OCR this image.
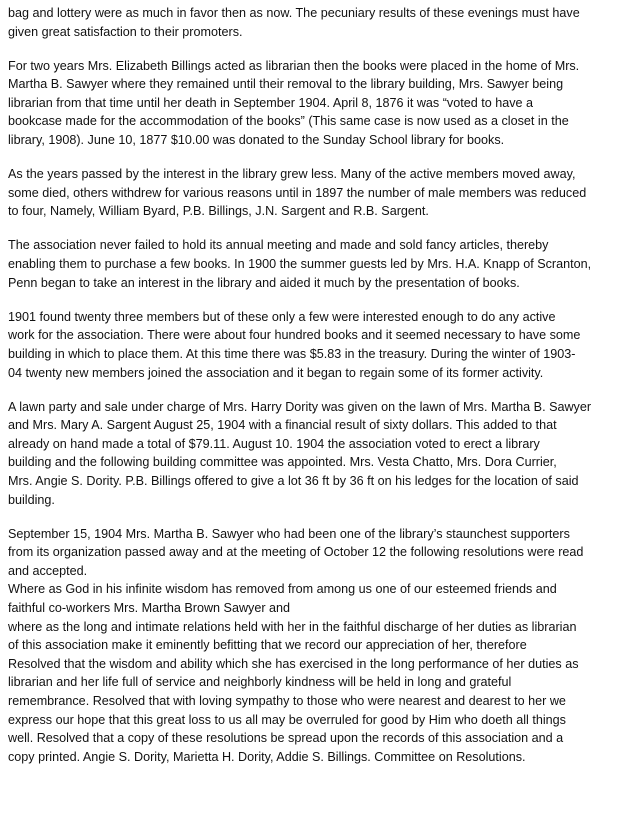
bag and lottery were as much in favor then as now. The pecuniary results of these evenings must have
given great satisfaction to their promoters.

For two years Mrs. Elizabeth Billings acted as librarian then the books were placed in the home of Mrs.
Martha B. Sawyer where they remained until their removal to the library building, Mrs. Sawyer being
librarian from that time until her death in September 1904. April 8, 1876 it was “voted to have a
bookcase made for the accommodation of the books” (This same case is now used as a closet in the
library, 1908). June 10, 1877 $10.00 was donated to the Sunday School library for books.

As the years passed by the interest in the library grew less. Many of the active members moved away,
some died, others withdrew for various reasons until in 1897 the number of male members was reduced
to four, Namely, William Byard, P.B. Billings, J.N. Sargent and R.B. Sargent.

The association never failed to hold its annual meeting and made and sold fancy articles, thereby
enabling them to purchase a few books. In 1900 the summer guests led by Mrs. H.A. Knapp of Scranton,
Penn began to take an interest in the library and aided it much by the presentation of books.

1901 found twenty three members but of these only a few were interested enough to do any active
work for the association. There were about four hundred books and it seemed necessary to have some
building in which to place them. At this time there was $5.83 in the treasury. During the winter of 1903-
04 twenty new members joined the association and it began to regain some of its former activity.

A lawn party and sale under charge of Mrs. Harry Dority was given on the lawn of Mrs. Martha B. Sawyer
and Mrs. Mary A. Sargent August 25, 1904 with a financial result of sixty dollars. This added to that
already on hand made a total of $79.11. August 10. 1904 the association voted to erect a library
building and the following building committee was appointed. Mrs. Vesta Chatto, Mrs. Dora Currier,
Mrs. Angie S. Dority. P.B. Billings offered to give a lot 36 ft by 36 ft on his ledges for the location of said
building.

September 15, 1904 Mrs. Martha B. Sawyer who had been one of the library’s staunchest supporters
from its organization passed away and at the meeting of October 12 the following resolutions were read
and accepted.
Where as God in his infinite wisdom has removed from among us one of our esteemed friends and
faithful co-workers Mrs. Martha Brown Sawyer and
where as the long and intimate relations held with her in the faithful discharge of her duties as librarian
of this association make it eminently befitting that we record our appreciation of her, therefore
Resolved that the wisdom and ability which she has exercised in the long performance of her duties as
librarian and her life full of service and neighborly kindness will be held in long and grateful
remembrance. Resolved that with loving sympathy to those who were nearest and dearest to her we
express our hope that this great loss to us all may be overruled for good by Him who doeth all things
well. Resolved that a copy of these resolutions be spread upon the records of this association and a
copy printed. Angie S. Dority, Marietta H. Dority, Addie S. Billings. Committee on Resolutions.
